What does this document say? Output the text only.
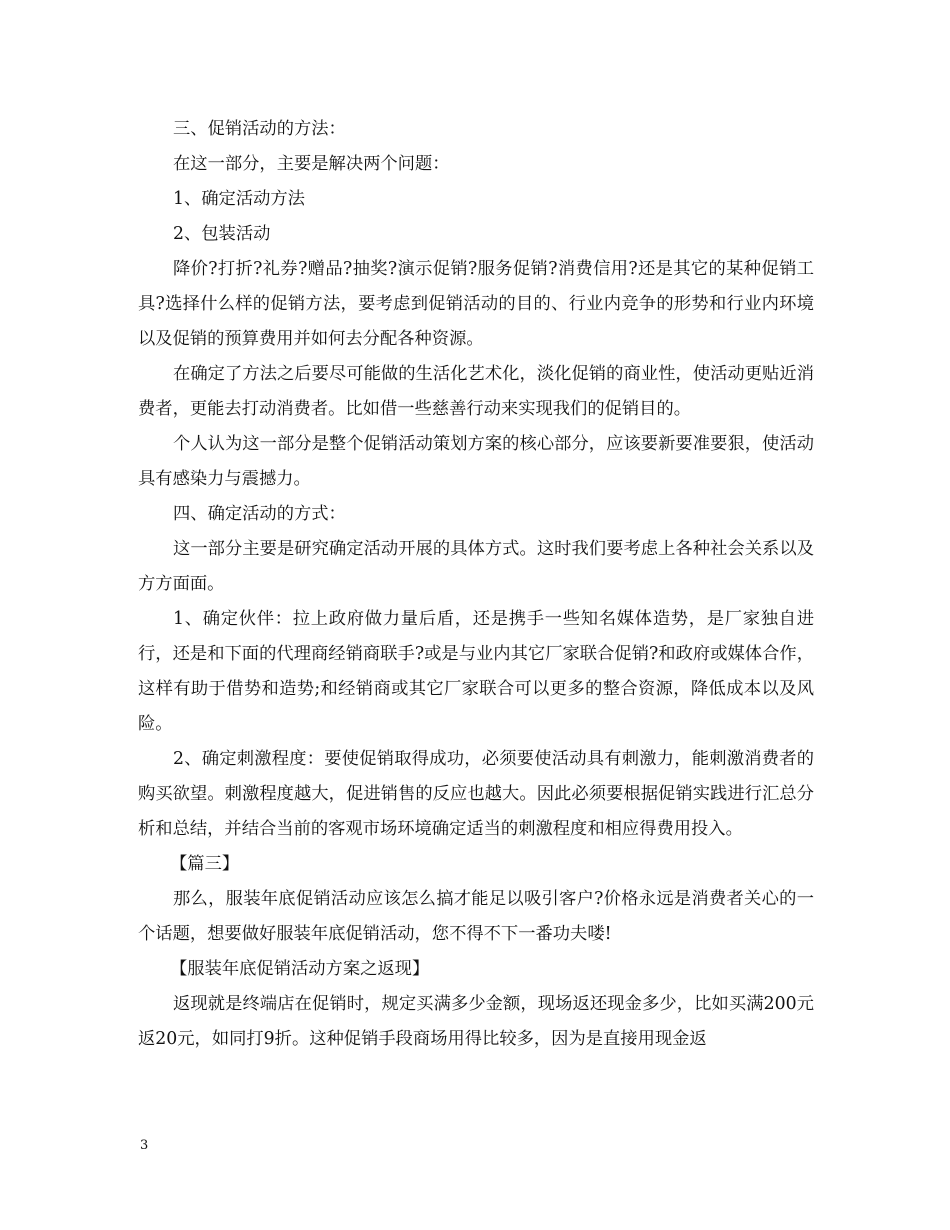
三、促销活动的方法：

在这一部分，主要是解决两个问题：

1、确定活动方法

2、包装活动

降价?打折?礼券?赠品?抽奖?演示促销?服务促销?消费信用?还是其它的某种促销工具?选择什么样的促销方法，要考虑到促销活动的目的、行业内竞争的形势和行业内环境以及促销的预算费用并如何去分配各种资源。

在确定了方法之后要尽可能做的生活化艺术化，淡化促销的商业性，使活动更贴近消费者，更能去打动消费者。比如借一些慈善行动来实现我们的促销目的。

个人认为这一部分是整个促销活动策划方案的核心部分，应该要新要准要狠，使活动具有感染力与震撼力。

四、确定活动的方式：

这一部分主要是研究确定活动开展的具体方式。这时我们要考虑上各种社会关系以及方方面面。

1、确定伙伴：拉上政府做力量后盾，还是携手一些知名媒体造势，是厂家独自进行，还是和下面的代理商经销商联手?或是与业内其它厂家联合促销?和政府或媒体合作，这样有助于借势和造势;和经销商或其它厂家联合可以更多的整合资源，降低成本以及风险。

2、确定刺激程度：要使促销取得成功，必须要使活动具有刺激力，能刺激消费者的购买欲望。刺激程度越大，促进销售的反应也越大。因此必须要根据促销实践进行汇总分析和总结，并结合当前的客观市场环境确定适当的刺激程度和相应得费用投入。

【篇三】

那么，服装年底促销活动应该怎么搞才能足以吸引客户?价格永远是消费者关心的一个话题，想要做好服装年底促销活动，您不得不下一番功夫喽!

【服装年底促销活动方案之返现】

返现就是终端店在促销时，规定买满多少金额，现场返还现金多少，比如买满200元返20元，如同打9折。这种促销手段商场用得比较多，因为是直接用现金返

3
